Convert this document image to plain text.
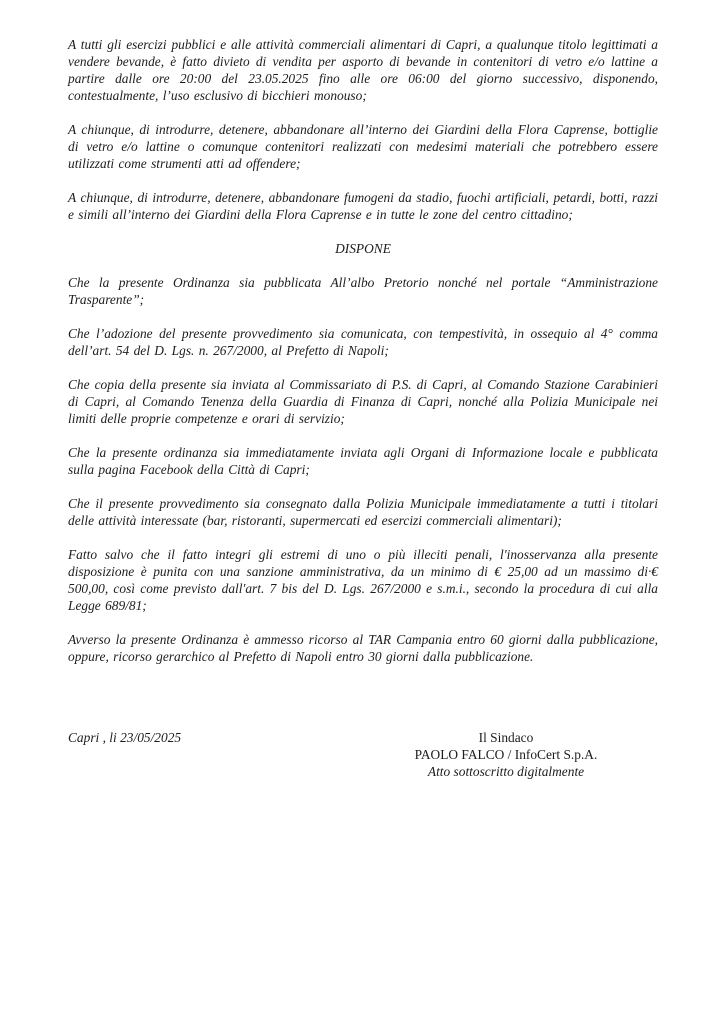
A tutti gli esercizi pubblici e alle attività commerciali alimentari di Capri, a qualunque titolo legittimati a vendere bevande, è fatto divieto di vendita per asporto di bevande in contenitori di vetro e/o lattine a partire dalle ore 20:00 del 23.05.2025 fino alle ore 06:00 del giorno successivo, disponendo, contestualmente, l’uso esclusivo di bicchieri monouso;

A chiunque, di introdurre, detenere, abbandonare all’interno dei Giardini della Flora Caprense, bottiglie di vetro e/o lattine o comunque contenitori realizzati con medesimi materiali che potrebbero essere utilizzati come strumenti atti ad offendere;

A chiunque, di introdurre, detenere, abbandonare fumogeni da stadio, fuochi artificiali, petardi, botti, razzi e simili all’interno dei Giardini della Flora Caprense e in tutte le zone del centro cittadino;

DISPONE

Che la presente Ordinanza sia pubblicata All’albo Pretorio nonché nel portale “Amministrazione Trasparente”;

Che l’adozione del presente provvedimento sia comunicata, con tempestività, in ossequio al 4° comma dell’art. 54 del D. Lgs. n. 267/2000, al Prefetto di Napoli;

Che copia della presente sia inviata al Commissariato di P.S. di Capri, al Comando Stazione Carabinieri di Capri, al Comando Tenenza della Guardia di Finanza di Capri, nonché alla Polizia Municipale nei limiti delle proprie competenze e orari di servizio;

Che la presente ordinanza sia immediatamente inviata agli Organi di Informazione locale e pubblicata sulla pagina Facebook della Città di Capri;

Che il presente provvedimento sia consegnato dalla Polizia Municipale immediatamente a tutti i titolari delle attività interessate (bar, ristoranti, supermercati ed esercizi commerciali alimentari);

Fatto salvo che il fatto integri gli estremi di uno o più illeciti penali, l'inosservanza alla presente disposizione è punita con una sanzione amministrativa, da un minimo di € 25,00 ad un massimo di·€ 500,00, così come previsto dall'art. 7 bis del D. Lgs. 267/2000 e s.m.i., secondo la procedura di cui alla Legge 689/81;

Avverso la presente Ordinanza è ammesso ricorso al TAR Campania entro 60 giorni dalla pubblicazione, oppure, ricorso gerarchico al Prefetto di Napoli entro 30 giorni dalla pubblicazione.

Capri , li 23/05/2025	Il Sindaco
PAOLO FALCO / InfoCert S.p.A.
Atto sottoscritto digitalmente
